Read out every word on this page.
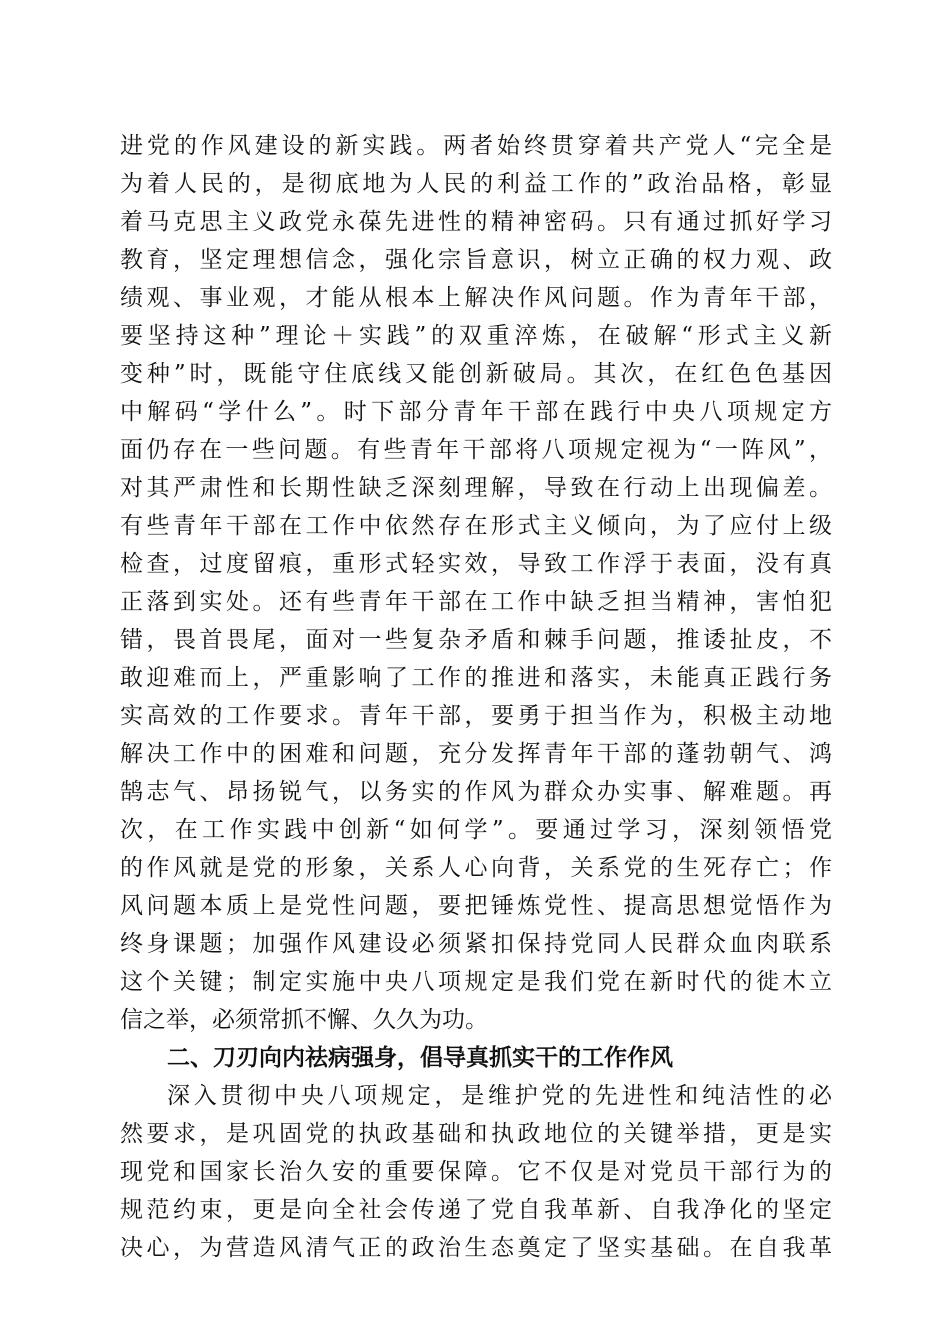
进党的作风建设的新实践。两者始终贯穿着共产党人“完全是
为着人民的，是彻底地为人民的利益工作的”政治品格，彰显
着马克思主义政党永葆先进性的精神密码。只有通过抓好学习
教育，坚定理想信念，强化宗旨意识，树立正确的权力观、政
绩观、事业观，才能从根本上解决作风问题。作为青年干部，
要坚持这种”理论＋实践”的双重淬炼，在破解“形式主义新
变种”时，既能守住底线又能创新破局。其次，在红色色基因
中解码“学什么”。时下部分青年干部在践行中央八项规定方
面仍存在一些问题。有些青年干部将八项规定视为“一阵风”，
对其严肃性和长期性缺乏深刻理解，导致在行动上出现偏差。
有些青年干部在工作中依然存在形式主义倾向，为了应付上级
检查，过度留痕，重形式轻实效，导致工作浮于表面，没有真
正落到实处。还有些青年干部在工作中缺乏担当精神，害怕犯
错，畏首畏尾，面对一些复杂矛盾和棘手问题，推诿扯皮，不
敢迎难而上，严重影响了工作的推进和落实，未能真正践行务
实高效的工作要求。青年干部，要勇于担当作为，积极主动地
解决工作中的困难和问题，充分发挥青年干部的蓬勃朝气、鸿
鹄志气、昂扬锐气，以务实的作风为群众办实事、解难题。再
次，在工作实践中创新“如何学”。要通过学习，深刻领悟党
的作风就是党的形象，关系人心向背，关系党的生死存亡；作
风问题本质上是党性问题，要把锤炼党性、提高思想觉悟作为
终身课题；加强作风建设必须紧扣保持党同人民群众血肉联系
这个关键；制定实施中央八项规定是我们党在新时代的徙木立
信之举，必须常抓不懈、久久为功。
二、刀刃向内祛病强身，倡导真抓实干的工作作风
深入贯彻中央八项规定，是维护党的先进性和纯洁性的必
然要求，是巩固党的执政基础和执政地位的关键举措，更是实
现党和国家长治久安的重要保障。它不仅是对党员干部行为的
规范约束，更是向全社会传递了党自我革新、自我净化的坚定
决心，为营造风清气正的政治生态奠定了坚实基础。在自我革
